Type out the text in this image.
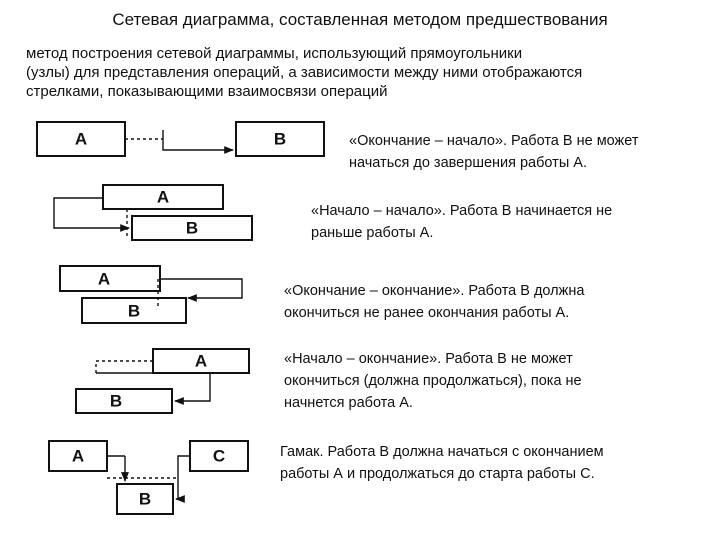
Сетевая диаграмма, составленная методом предшествования
метод построения сетевой диаграммы, использующий прямоугольники
(узлы) для представления операций, а зависимости между ними отображаются
стрелками, показывающими взаимосвязи операций
A	B
A
B
A
B
A
B
A	C
B
«Окончание – начало». Работа В не может
начаться до завершения работы А.
«Начало – начало». Работа В начинается не
раньше работы А.
«Окончание – окончание». Работа В должна
окончиться не ранее окончания работы А.
«Начало – окончание». Работа В не может
окончиться (должна продолжаться), пока не
начнется работа А.
Гамак. Работа В должна начаться с окончанием
работы А и продолжаться до старта работы С.
